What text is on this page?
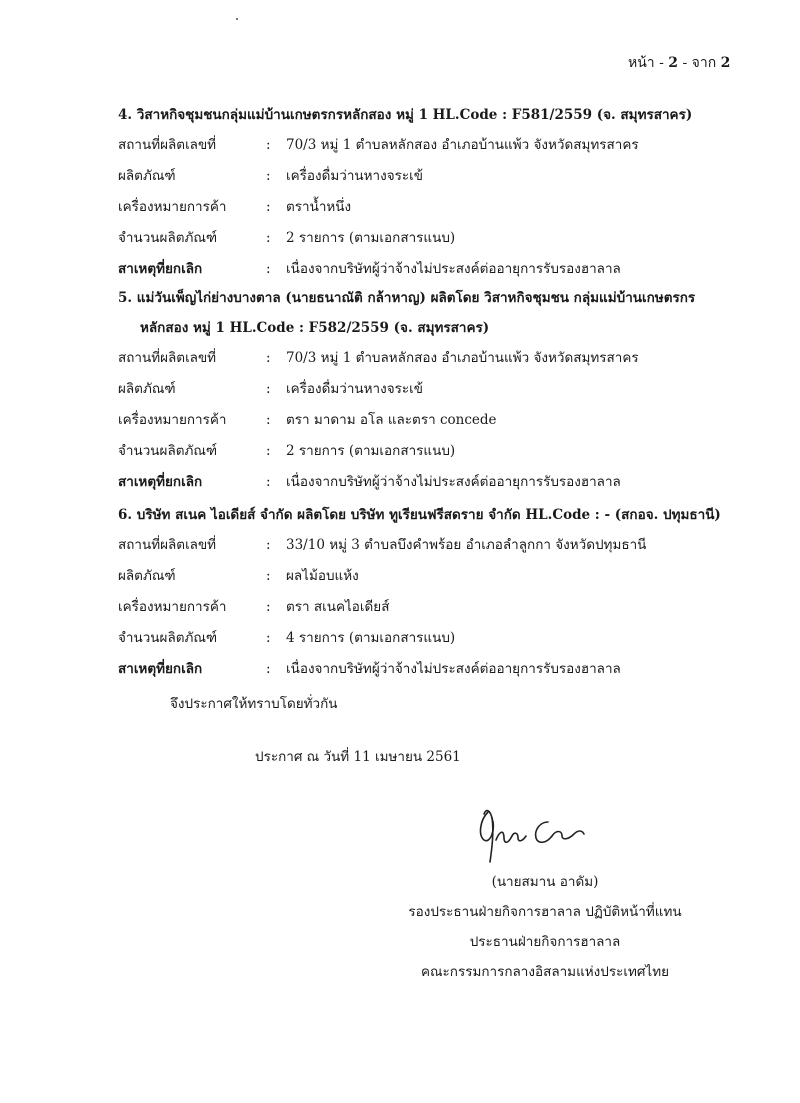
หน้า - 2 - จาก 2
4. วิสาหกิจชุมชนกลุ่มแม่บ้านเกษตรกรหลักสอง หมู่ 1 HL.Code : F581/2559 (จ. สมุทรสาคร)
สถานที่ผลิตเลขที่	:	70/3 หมู่ 1 ตำบลหลักสอง อำเภอบ้านแพ้ว จังหวัดสมุทรสาคร
ผลิตภัณฑ์	:	เครื่องดื่มว่านหางจระเข้
เครื่องหมายการค้า	:	ตราน้ำหนึ่ง
จำนวนผลิตภัณฑ์	:	2 รายการ (ตามเอกสารแนบ)
สาเหตุที่ยกเลิก	:	เนื่องจากบริษัทผู้ว่าจ้างไม่ประสงค์ต่ออายุการรับรองฮาลาล
5. แม่วันเพ็ญไก่ย่างบางตาล (นายธนาณัติ กล้าหาญ) ผลิตโดย วิสาหกิจชุมชน กลุ่มแม่บ้านเกษตรกร
หลักสอง หมู่ 1 HL.Code : F582/2559 (จ. สมุทรสาคร)
สถานที่ผลิตเลขที่	:	70/3 หมู่ 1 ตำบลหลักสอง อำเภอบ้านแพ้ว จังหวัดสมุทรสาคร
ผลิตภัณฑ์	:	เครื่องดื่มว่านหางจระเข้
เครื่องหมายการค้า	:	ตรา มาดาม อโล และตรา concede
จำนวนผลิตภัณฑ์	:	2 รายการ (ตามเอกสารแนบ)
สาเหตุที่ยกเลิก	:	เนื่องจากบริษัทผู้ว่าจ้างไม่ประสงค์ต่ออายุการรับรองฮาลาล
6. บริษัท สเนค ไอเดียส์ จำกัด ผลิตโดย บริษัท ทูเรียนฟรีสดราย จำกัด HL.Code : - (สกอจ. ปทุมธานี)
สถานที่ผลิตเลขที่	:	33/10 หมู่ 3 ตำบลบึงคำพร้อย อำเภอลำลูกกา จังหวัดปทุมธานี
ผลิตภัณฑ์	:	ผลไม้อบแห้ง
เครื่องหมายการค้า	:	ตรา สเนคไอเดียส์
จำนวนผลิตภัณฑ์	:	4 รายการ (ตามเอกสารแนบ)
สาเหตุที่ยกเลิก	:	เนื่องจากบริษัทผู้ว่าจ้างไม่ประสงค์ต่ออายุการรับรองฮาลาล
จึงประกาศให้ทราบโดยทั่วกัน
ประกาศ ณ วันที่ 11 เมษายน 2561
(นายสมาน อาดัม)
รองประธานฝ่ายกิจการฮาลาล ปฏิบัติหน้าที่แทน
ประธานฝ่ายกิจการฮาลาล
คณะกรรมการกลางอิสลามแห่งประเทศไทย
